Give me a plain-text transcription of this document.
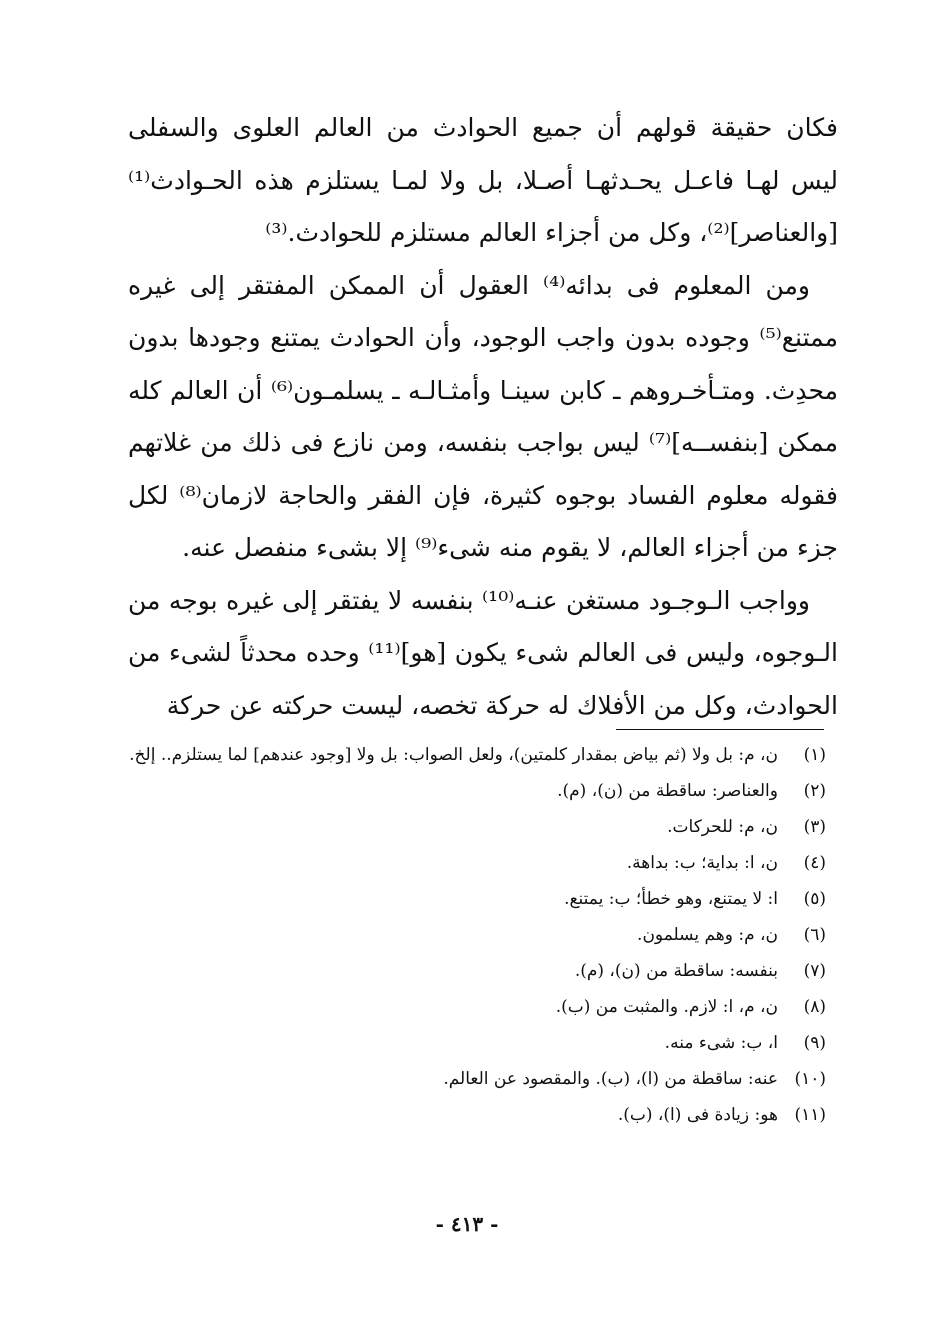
فكان حقيقة قولهم أن جميع الحوادث من العالم العلوى والسفلى ليس لهـا فاعـل يحـدثهـا أصـلا، بل ولا لمـا يستلزم هذه الحـوادث⁽¹⁾ [والعناصر]⁽²⁾، وكل من أجزاء العالم مستلزم للحوادث.⁽³⁾

ومن المعلوم فى بدائه⁽⁴⁾ العقول أن الممكن المفتقر إلى غيره ممتنع⁽⁵⁾ وجوده بدون واجب الوجود، وأن الحوادث يمتنع وجودها بدون محدِث. ومتـأخـروهم ـ كابن سينـا وأمثـالـه ـ يسلمـون⁽⁶⁾ أن العالم كله ممكن [بنفســه]⁽⁷⁾ ليس بواجب بنفسه، ومن نازع فى ذلك من غلاتهم فقوله معلوم الفساد بوجوه كثيرة، فإن الفقر والحاجة لازمان⁽⁸⁾ لكل جزء من أجزاء العالم، لا يقوم منه شىء⁽⁹⁾ إلا بشىء منفصل عنه.

وواجب الـوجـود مستغن عنـه⁽¹⁰⁾ بنفسه لا يفتقر إلى غيره بوجه من الـوجوه، وليس فى العالم شىء يكون [هو]⁽¹¹⁾ وحده محدثاً لشىء من الحوادث، وكل من الأفلاك له حركة تخصه، ليست حركته عن حركة

(١)
ن، م: بل ولا (ثم بياض بمقدار كلمتين)، ولعل الصواب: بل ولا [وجود عندهم] لما يستلزم.. إلخ.
(٢)
والعناصر: ساقطة من (ن)، (م).
(٣)
ن، م: للحركات.
(٤)
ن، ا: بداية؛ ب: بداهة.
(٥)
ا: لا يمتنع، وهو خطأ؛ ب: يمتنع.
(٦)
ن، م: وهم يسلمون.
(٧)
بنفسه: ساقطة من (ن)، (م).
(٨)
ن، م، ا: لازم. والمثبت من (ب).
(٩)
ا، ب: شىء منه.
(١٠)
عنه: ساقطة من (ا)، (ب). والمقصود عن العالم.
(١١)
هو: زيادة فى (ا)، (ب).
- ٤١٣ -
